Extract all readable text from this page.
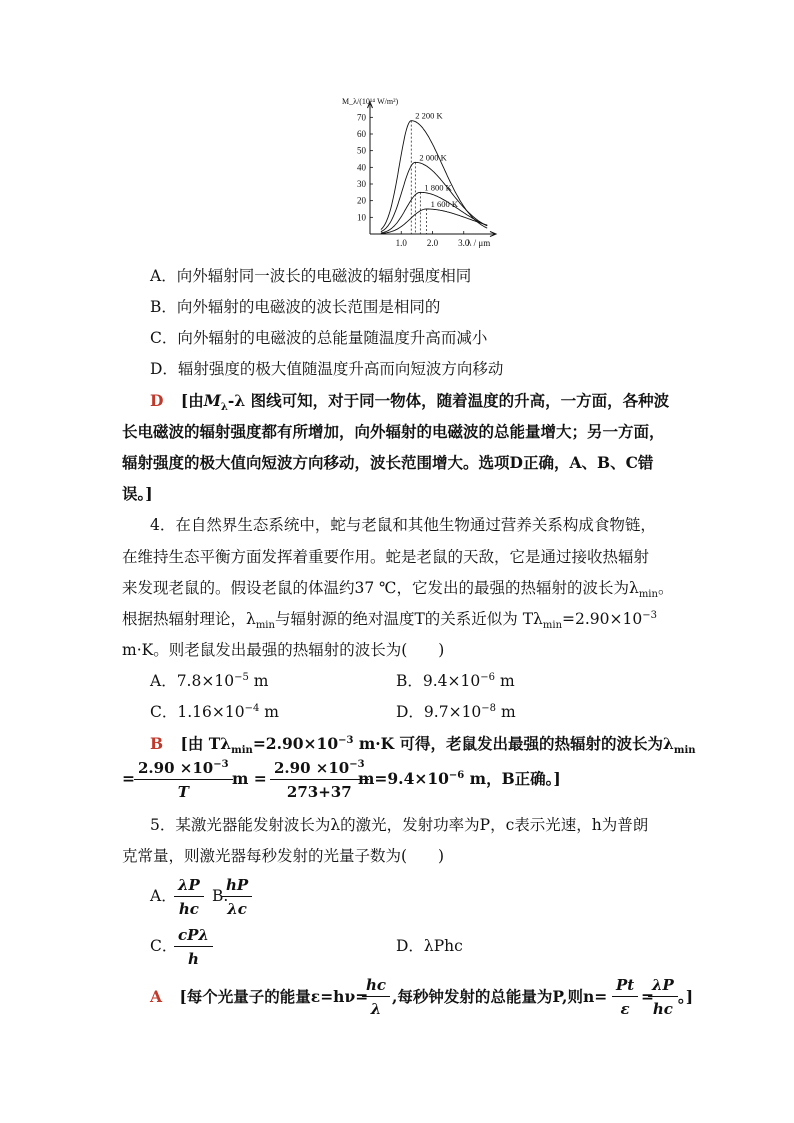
10
20
30
40
50
60
70
1.0 2.0 3.0
M_λ/(10¹⁴ W/m²)
λ / μm
2 200 K
2 000 K
1 800 K
1 600 K
A．向外辐射同一波长的电磁波的辐射强度相同
B．向外辐射的电磁波的波长范围是相同的
C．向外辐射的电磁波的总能量随温度升高而减小
D．辐射强度的极大值随温度升高而向短波方向移动
D [由$M_\lambda-\lambda$ 图线可知，对于同一物体，随着温度的升高，一方面，各种波
长电磁波的辐射强度都有所增加，向外辐射的电磁波的总能量增大；另一方面，
辐射强度的极大值向短波方向移动，波长范围增大。选项D正确，A、B、C错
误。]
4．在自然界生态系统中，蛇与老鼠和其他生物通过营养关系构成食物链，
在维持生态平衡方面发挥着重要作用。蛇是老鼠的天敌，它是通过接收热辐射
来发现老鼠的。假设老鼠的体温约37 ℃，它发出的最强的热辐射的波长为$\lambda_{min}$。
根据热辐射理论，$\lambda_{min}$与辐射源的绝对温度T的关系近似为 $T\lambda_{min}=2.90\times 10^{-3}$
m·K。则老鼠发出最强的热辐射的波长为(　　)
A．$7.8\times 10^{-5}$ m	B．$9.4\times 10^{-6}$ m
C．$1.16\times 10^{-4}$ m	D．$9.7\times 10^{-8}$ m
B [由 $T\lambda_{min}=2.90\times 10^{-3}$ m·K 可得，老鼠发出最强的热辐射的波长为$\lambda_{min}$
= $\frac{2.90 \times 10^{-3}}{T}$ $m = \frac{2.90 \times 10^{-3}}{273+37}$
$m=9.4\times 10^{-6}$ m，B正确。]
5．某激光器能发射波长为λ的激光，发射功率为P，c表示光速，h为普朗
克常量，则激光器每秒发射的光量子数为(　　)
A．
$\frac{\lambda P}{hc} B$.
$\frac{hP}{\lambda c}$
C．
cPλ
h
D．λPhc
A [每个光量子的能量ε=hν=
$\frac{hc}{\lambda}$ ,每秒钟发射的总能量为P,则$n= \frac{Pt}{\varepsilon}$ =
$\frac{\lambda P}{hc}$ 。]
